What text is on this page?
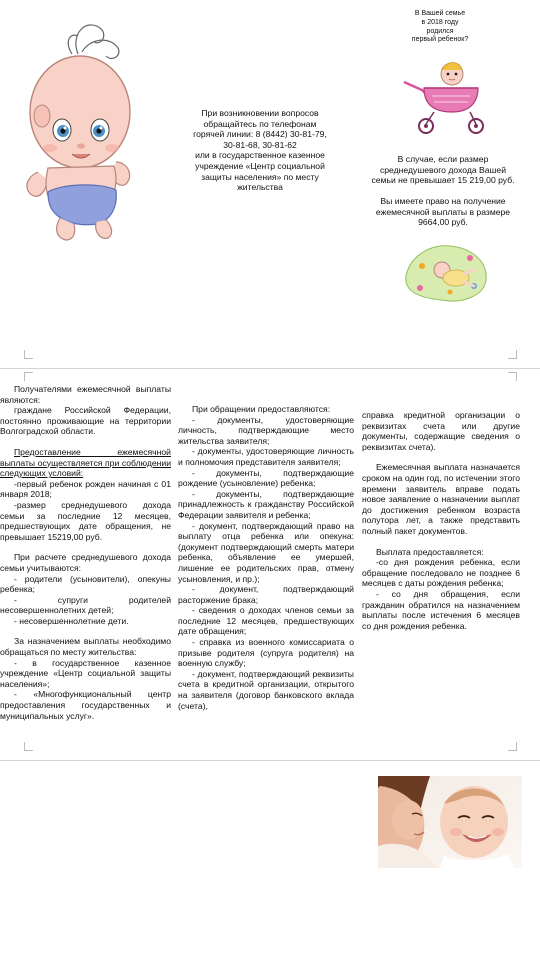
При возникновении вопросов

обращайтесь по телефонам

горячей линии: 8 (8442) 30-81-79,

30-81-68, 30-81-62

или в государственное казенное

учреждение «Центр социальной

защиты населения» по месту

жительства

В Вашей семье
в 2018 году
родился
первый ребенок?

В случае, если размер

среднедушевого дохода Вашей

семьи не превышает 15 219,00 руб.

Вы имеете право на получение

ежемесячной выплаты в размере

9664,00 руб.

Получателями ежемесячной выплаты являются:

граждане Российской Федерации, постоянно проживающие на территории Волгоградской области.

Предоставление ежемесячной выплаты осуществляется при соблюдении следующих условий:

-первый ребенок рожден начиная с 01 января 2018;

-размер среднедушевого дохода семьи за последние 12 месяцев, предшествующих дате обращения, не превышает 15219,00 руб.

При расчете среднедушевого дохода семьи учитываются:

- родители (усыновители), опекуны ребенка;

- супруги родителей несовершеннолетних детей;

- несовершеннолетние дети.

За назначением выплаты необходимо обращаться по месту жительства:

- в государственное казенное учреждение «Центр социальной защиты населения»;

- «Многофункциональный центр предоставления государственных и муниципальных услуг».

При обращении предоставляются:

- документы, удостоверяющие личность, подтверждающие место жительства заявителя;

- документы, удостоверяющие личность и полномочия представителя заявителя;

- документы, подтверждающие рождение (усыновление) ребенка;

- документы, подтверждающие принадлежность к гражданству Российской Федерации заявителя и ребенка;

- документ, подтверждающий право на выплату отца ребенка или опекуна: (документ подтверждающий смерть матери ребенка, объявление ее умершей, лишение ее родительских прав, отмену усыновления, и пр.);

- документ, подтверждающий расторжение брака;

- сведения о доходах членов семьи за последние 12 месяцев, предшествующих дате обращения;

- справка из военного комиссариата о призыве родителя (супруга родителя) на военную службу;

- документ, подтверждающий реквизиты счета в кредитной организации, открытого на заявителя (договор банковского вклада (счета),

справка кредитной организации о реквизитах счета или другие документы, содержащие сведения о реквизитах счета).

Ежемесячная выплата назначается сроком на один год, по истечении этого времени заявитель вправе подать новое заявление о назначении выплат до достижения ребенком возраста полутора лет, а также представить полный пакет документов.

Выплата предоставляется:

-со дня рождения ребенка, если обращение последовало не позднее 6 месяцев с даты рождения ребенка;

- со дня обращения, если гражданин обратился на назначением выплаты после истечения 6 месяцев со дня рождения ребенка.
